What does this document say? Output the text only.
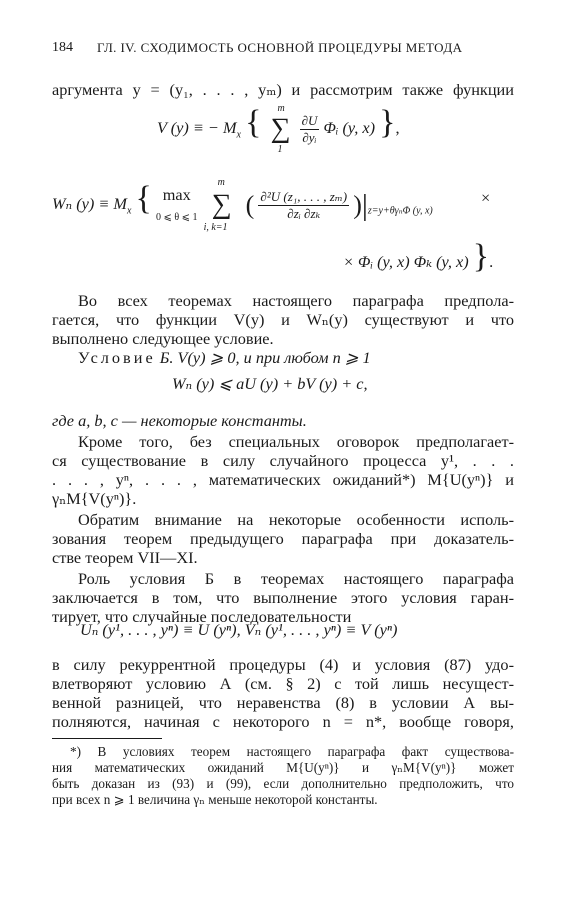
184 ГЛ. IV. СХОДИМОСТЬ ОСНОВНОЙ ПРОЦЕДУРЫ МЕТОДА
аргумента y = (y₁, . . . , yₘ) и рассмотрим также функции
V (y) ≡ − $M_x$ { m
∑
1

$\frac{\partial U}{\text{∂yᵢ}}$ Φᵢ (y, x) },
Wₙ $(y) \equiv M_x$ { max
0 ⩽ θ ⩽ 1
m
∑
i, k=1
( $\frac{\text{∂²U (z₁, . . . , zₘ)}}{\text{∂zᵢ ∂zₖ}} )|_{z=y+\theta\gamma_n\Phi (y, x)}$
×
× Φᵢ (y, x) Φₖ (y, x) }.
Во всех теоремах настоящего параграфа предпола-
гается, что функции V(y) и Wₙ(y) существуют и что
выполнено следующее условие.
Условие Б. V(y) ⩾ 0, и при любом n ⩾ 1
Wₙ (y) ⩽ aU (y) + bV (y) + c,
где a, b, c — некоторые константы.
Кроме того, без специальных оговорок предполагает-
ся существование в силу случайного процесса y¹, . . .
. . . , yⁿ, . . . , математических ожиданий*) M{U(yⁿ)} и
γₙM{V(yⁿ)}.
Обратим внимание на некоторые особенности исполь-
зования теорем предыдущего параграфа при доказатель-
стве теорем VII—XI.
Роль условия Б в теоремах настоящего параграфа
заключается в том, что выполнение этого условия гаран-
тирует, что случайные последовательности
Uₙ (y¹, . . . , yⁿ) ≡ U (yⁿ), Vₙ (y¹, . . . , yⁿ) ≡ V (yⁿ)
в силу рекуррентной процедуры (4) и условия (87) удо-
влетворяют условию А (см. § 2) с той лишь несущест-
венной разницей, что неравенства (8) в условии А вы-
полняются, начиная с некоторого n = n*, вообще говоря,
*) В условиях теорем настоящего параграфа факт существова-
ния математических ожиданий M{U(yⁿ)} и γₙM{V(yⁿ)} может
быть доказан из (93) и (99), если дополнительно предположить, что
при всех n ⩾ 1 величина γₙ меньше некоторой константы.
